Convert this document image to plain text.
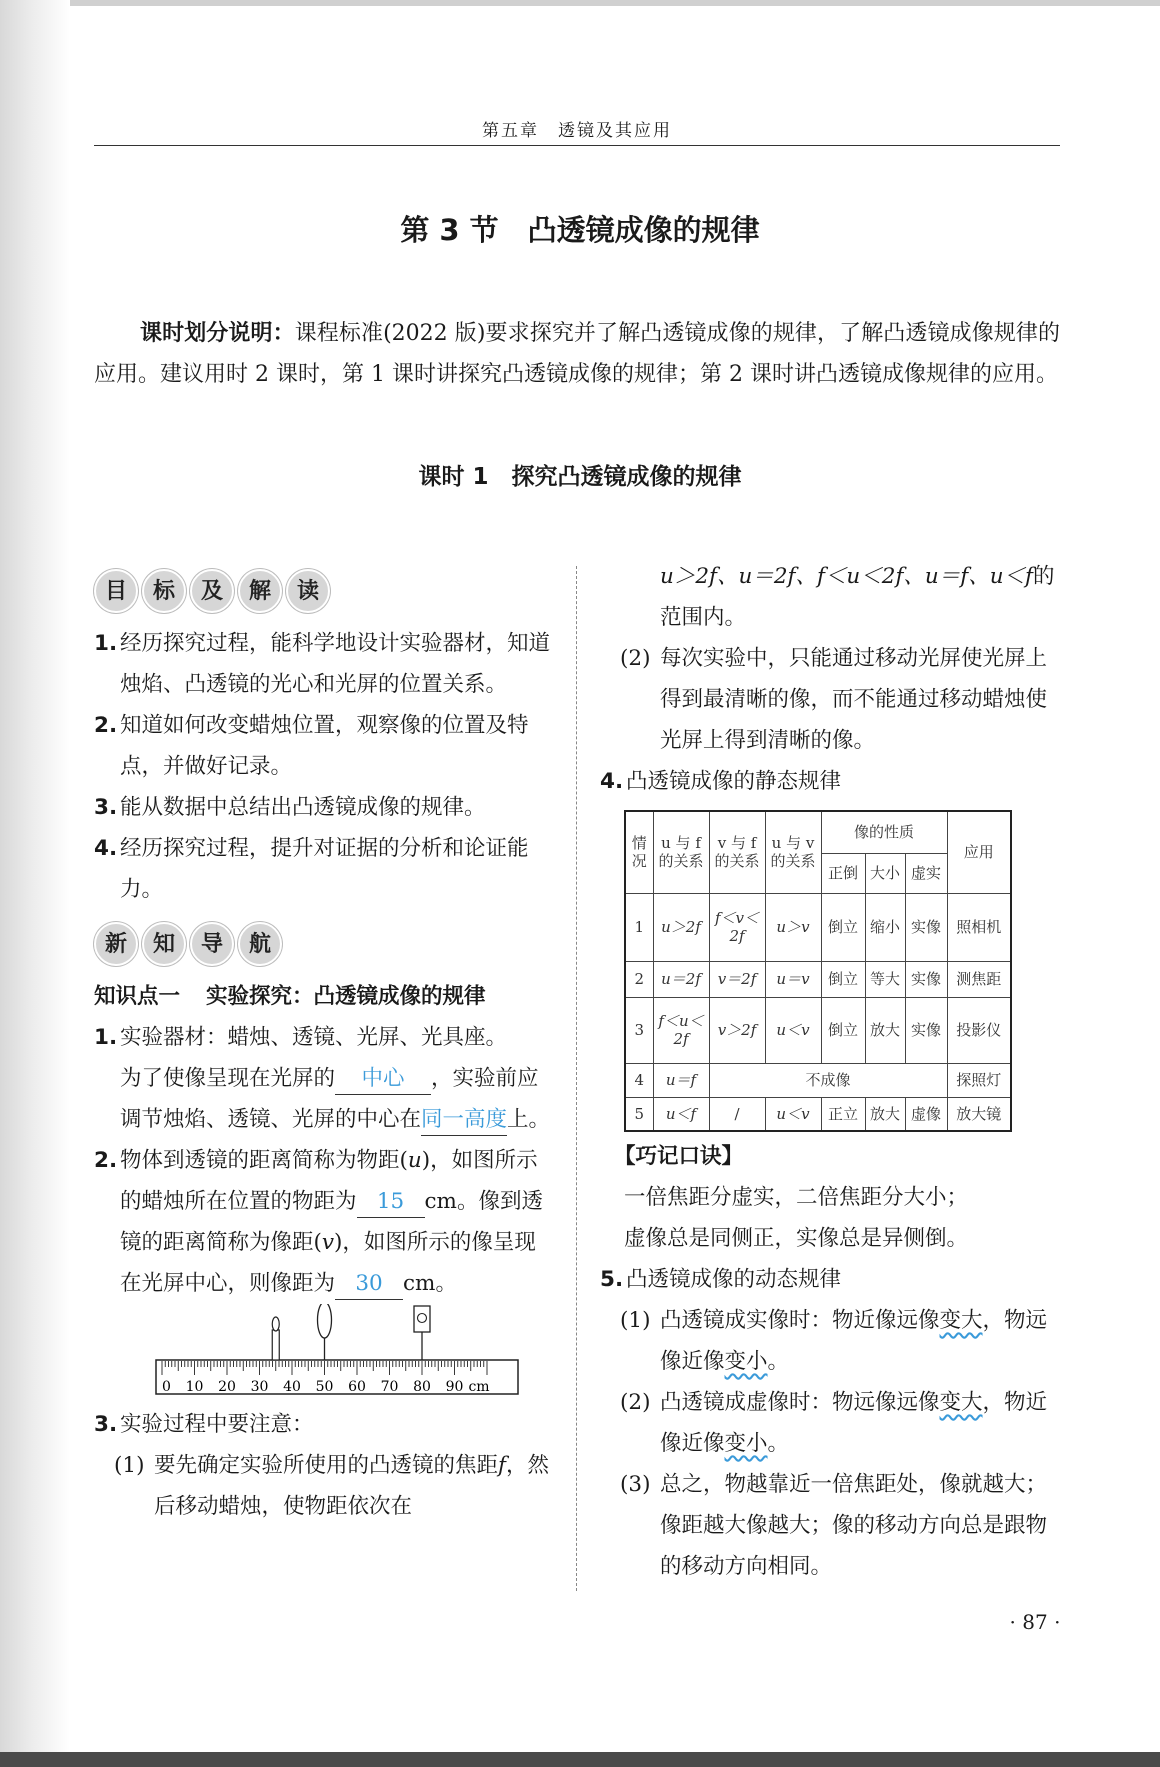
第五章　透镜及其应用
第 3 节　凸透镜成像的规律
课时划分说明：课程标准(2022 版)要求探究并了解凸透镜成像的规律，了解凸透镜成像规律的应用。建议用时 2 课时，第 1 课时讲探究凸透镜成像的规律；第 2 课时讲凸透镜成像规律的应用。
课时 1　探究凸透镜成像的规律
目	标	及	解	读
1. 经历探究过程，能科学地设计实验器材，知道烛焰、凸透镜的光心和光屏的位置关系。
2. 知道如何改变蜡烛位置，观察像的位置及特点，并做好记录。
3. 能从数据中总结出凸透镜成像的规律。
4. 经历探究过程，提升对证据的分析和论证能力。
新	知	导	航
知识点一 实验探究：凸透镜成像的规律
1. 实验器材：蜡烛、透镜、光屏、光具座。
为了使像呈现在光屏的 中心 ，实验前应调节烛焰、透镜、光屏的中心在同一高度上。
2. 物体到透镜的距离简称为物距(u)，如图所示的蜡烛所在位置的物距为 15 cm。像到透镜的距离简称为像距(v)，如图所示的像呈现在光屏中心，则像距为 30 cm。
0 10 20 30 40 50 60 70 80 90 cm
3. 实验过程中要注意：
(1) 要先确定实验所使用的凸透镜的焦距f，然后移动蜡烛，使物距依次在
u＞2f、u＝2f、f＜u＜2f、u＝f、u＜f的范围内。
(2) 每次实验中，只能通过移动光屏使光屏上得到最清晰的像，而不能通过移动蜡烛使光屏上得到清晰的像。
4. 凸透镜成像的静态规律
情况	u 与 f 的关系	v 与 f 的关系	u 与 v 的关系	像的性质			应用
				正倒	大小	虚实	
1	u＞2f	f＜v＜2f	u＞v	倒立	缩小	实像	照相机
2	u＝2f	v＝2f	u＝v	倒立	等大	实像	测焦距
3	f＜u＜2f	v＞2f	u＜v	倒立	放大	实像	投影仪
4	u＝f	不成像					探照灯
5	u＜f	/	u＜v	正立	放大	虚像	放大镜
【巧记口诀】
一倍焦距分虚实，二倍焦距分大小；
虚像总是同侧正，实像总是异侧倒。
5. 凸透镜成像的动态规律
(1) 凸透镜成实像时：物近像远像变大，物远像近像变小。
(2) 凸透镜成虚像时：物远像远像变大，物近像近像变小。
(3) 总之，物越靠近一倍焦距处，像就越大；像距越大像越大；像的移动方向总是跟物的移动方向相同。
· 87 ·
